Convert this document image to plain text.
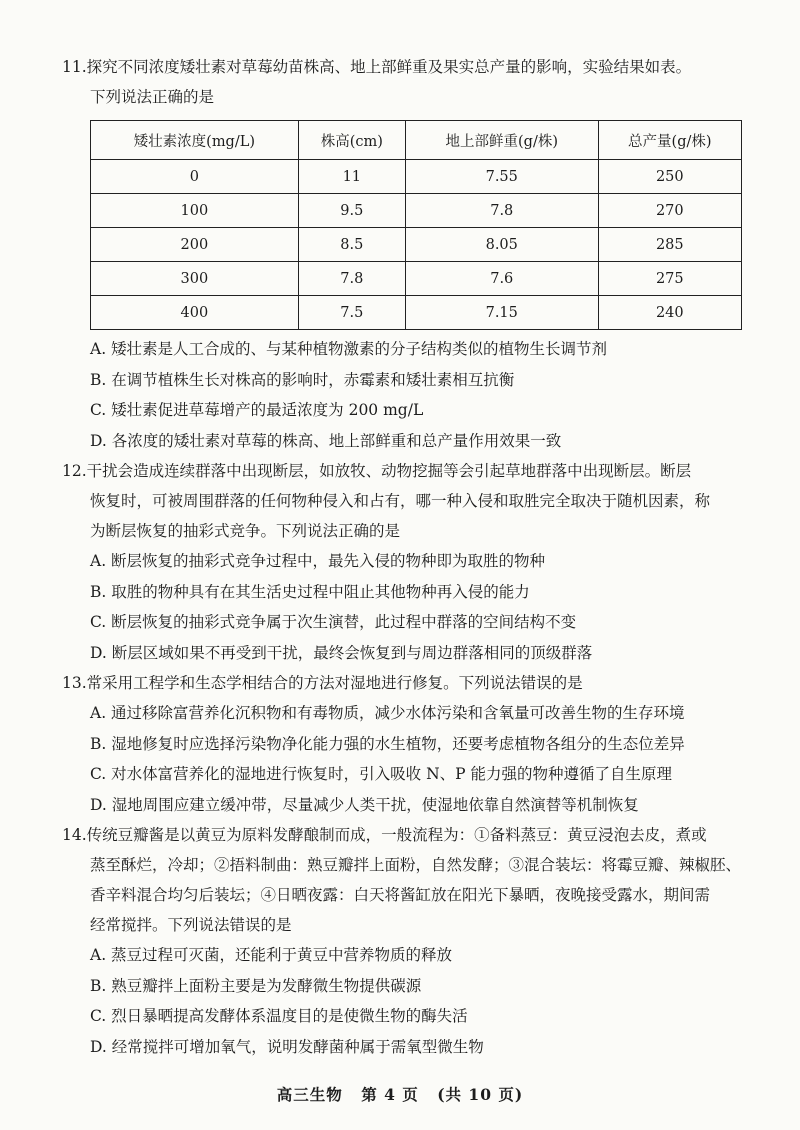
11.探究不同浓度矮壮素对草莓幼苗株高、地上部鲜重及果实总产量的影响，实验结果如表。

下列说法正确的是

矮壮素浓度(mg/L)	株高(cm)	地上部鲜重(g/株)	总产量(g/株)
0	11	7.55	250
100	9.5	7.8	270
200	8.5	8.05	285
300	7.8	7.6	275
400	7.5	7.15	240

A. 矮壮素是人工合成的、与某种植物激素的分子结构类似的植物生长调节剂

B. 在调节植株生长对株高的影响时，赤霉素和矮壮素相互抗衡

C. 矮壮素促进草莓增产的最适浓度为 200 mg/L

D. 各浓度的矮壮素对草莓的株高、地上部鲜重和总产量作用效果一致

12.干扰会造成连续群落中出现断层，如放牧、动物挖掘等会引起草地群落中出现断层。断层

恢复时，可被周围群落的任何物种侵入和占有，哪一种入侵和取胜完全取决于随机因素，称

为断层恢复的抽彩式竞争。下列说法正确的是

A. 断层恢复的抽彩式竞争过程中，最先入侵的物种即为取胜的物种

B. 取胜的物种具有在其生活史过程中阻止其他物种再入侵的能力

C. 断层恢复的抽彩式竞争属于次生演替，此过程中群落的空间结构不变

D. 断层区域如果不再受到干扰，最终会恢复到与周边群落相同的顶级群落

13.常采用工程学和生态学相结合的方法对湿地进行修复。下列说法错误的是

A. 通过移除富营养化沉积物和有毒物质，减少水体污染和含氧量可改善生物的生存环境

B. 湿地修复时应选择污染物净化能力强的水生植物，还要考虑植物各组分的生态位差异

C. 对水体富营养化的湿地进行恢复时，引入吸收 N、P 能力强的物种遵循了自生原理

D. 湿地周围应建立缓冲带，尽量减少人类干扰，使湿地依靠自然演替等机制恢复

14.传统豆瓣酱是以黄豆为原料发酵酿制而成，一般流程为：①备料蒸豆：黄豆浸泡去皮，煮或

蒸至酥烂，冷却；②捂料制曲：熟豆瓣拌上面粉，自然发酵；③混合装坛：将霉豆瓣、辣椒胚、

香辛料混合均匀后装坛；④日晒夜露：白天将酱缸放在阳光下暴晒，夜晚接受露水，期间需

经常搅拌。下列说法错误的是

A. 蒸豆过程可灭菌，还能利于黄豆中营养物质的释放

B. 熟豆瓣拌上面粉主要是为发酵微生物提供碳源

C. 烈日暴晒提高发酵体系温度目的是使微生物的酶失活

D. 经常搅拌可增加氧气，说明发酵菌种属于需氧型微生物

高三生物 第 4 页 (共 10 页)
